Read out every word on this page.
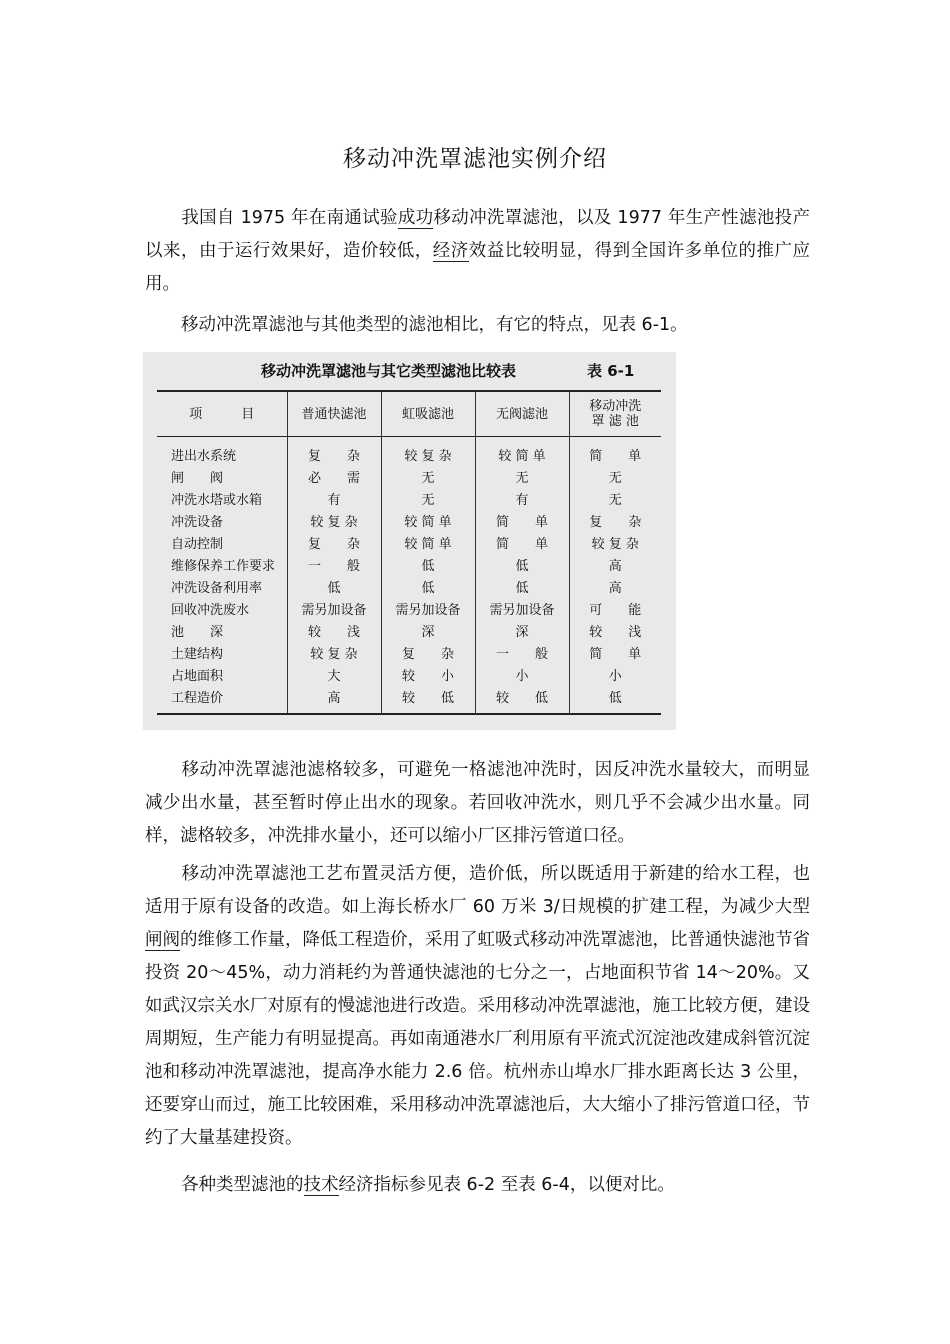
移动冲洗罩滤池实例介绍
我国自 1975 年在南通试验成功移动冲洗罩滤池，以及 1977 年生产性滤池投产以来，由于运行效果好，造价较低，经济效益比较明显，得到全国许多单位的推广应用。
移动冲洗罩滤池与其他类型的滤池相比，有它的特点，见表 6-1。
移动冲洗罩滤池与其它类型滤池比较表	表 6-1
项　　　目	普通快滤池	虹吸滤池	无阀滤池	移动冲洗
罩 滤 池
进出水系统	复　　杂	较 复 杂	较 简 单	简　　单
闸　　阀	必　　需	无	无	无
冲洗水塔或水箱	有	无	有	无
冲洗设备	较 复 杂	较 简 单	简　　单	复　　杂
自动控制	复　　杂	较 简 单	简　　单	较 复 杂
维修保养工作要求	一　　般	低	低	高
冲洗设备利用率	低	低	低	高
回收冲洗废水	需另加设备	需另加设备	需另加设备	可　　能
池　　深	较　　浅	深	深	较　　浅
土建结构	较 复 杂	复　　杂	一　　般	简　　单
占地面积	大	较　　小	小	小
工程造价	高	较　　低	较　　低	低
移动冲洗罩滤池滤格较多，可避免一格滤池冲洗时，因反冲洗水量较大，而明显减少出水量，甚至暂时停止出水的现象。若回收冲洗水，则几乎不会减少出水量。同样，滤格较多，冲洗排水量小，还可以缩小厂区排污管道口径。
移动冲洗罩滤池工艺布置灵活方便，造价低，所以既适用于新建的给水工程，也适用于原有设备的改造。如上海长桥水厂 60 万米 3/日规模的扩建工程，为减少大型闸阀的维修工作量，降低工程造价，采用了虹吸式移动冲洗罩滤池，比普通快滤池节省投资 20～45%，动力消耗约为普通快滤池的七分之一，占地面积节省 14～20%。又如武汉宗关水厂对原有的慢滤池进行改造。采用移动冲洗罩滤池，施工比较方便，建设周期短，生产能力有明显提高。再如南通港水厂利用原有平流式沉淀池改建成斜管沉淀池和移动冲洗罩滤池，提高净水能力 2.6 倍。杭州赤山埠水厂排水距离长达 3 公里，还要穿山而过，施工比较困难，采用移动冲洗罩滤池后，大大缩小了排污管道口径，节约了大量基建投资。
各种类型滤池的技术经济指标参见表 6-2 至表 6-4，以便对比。
